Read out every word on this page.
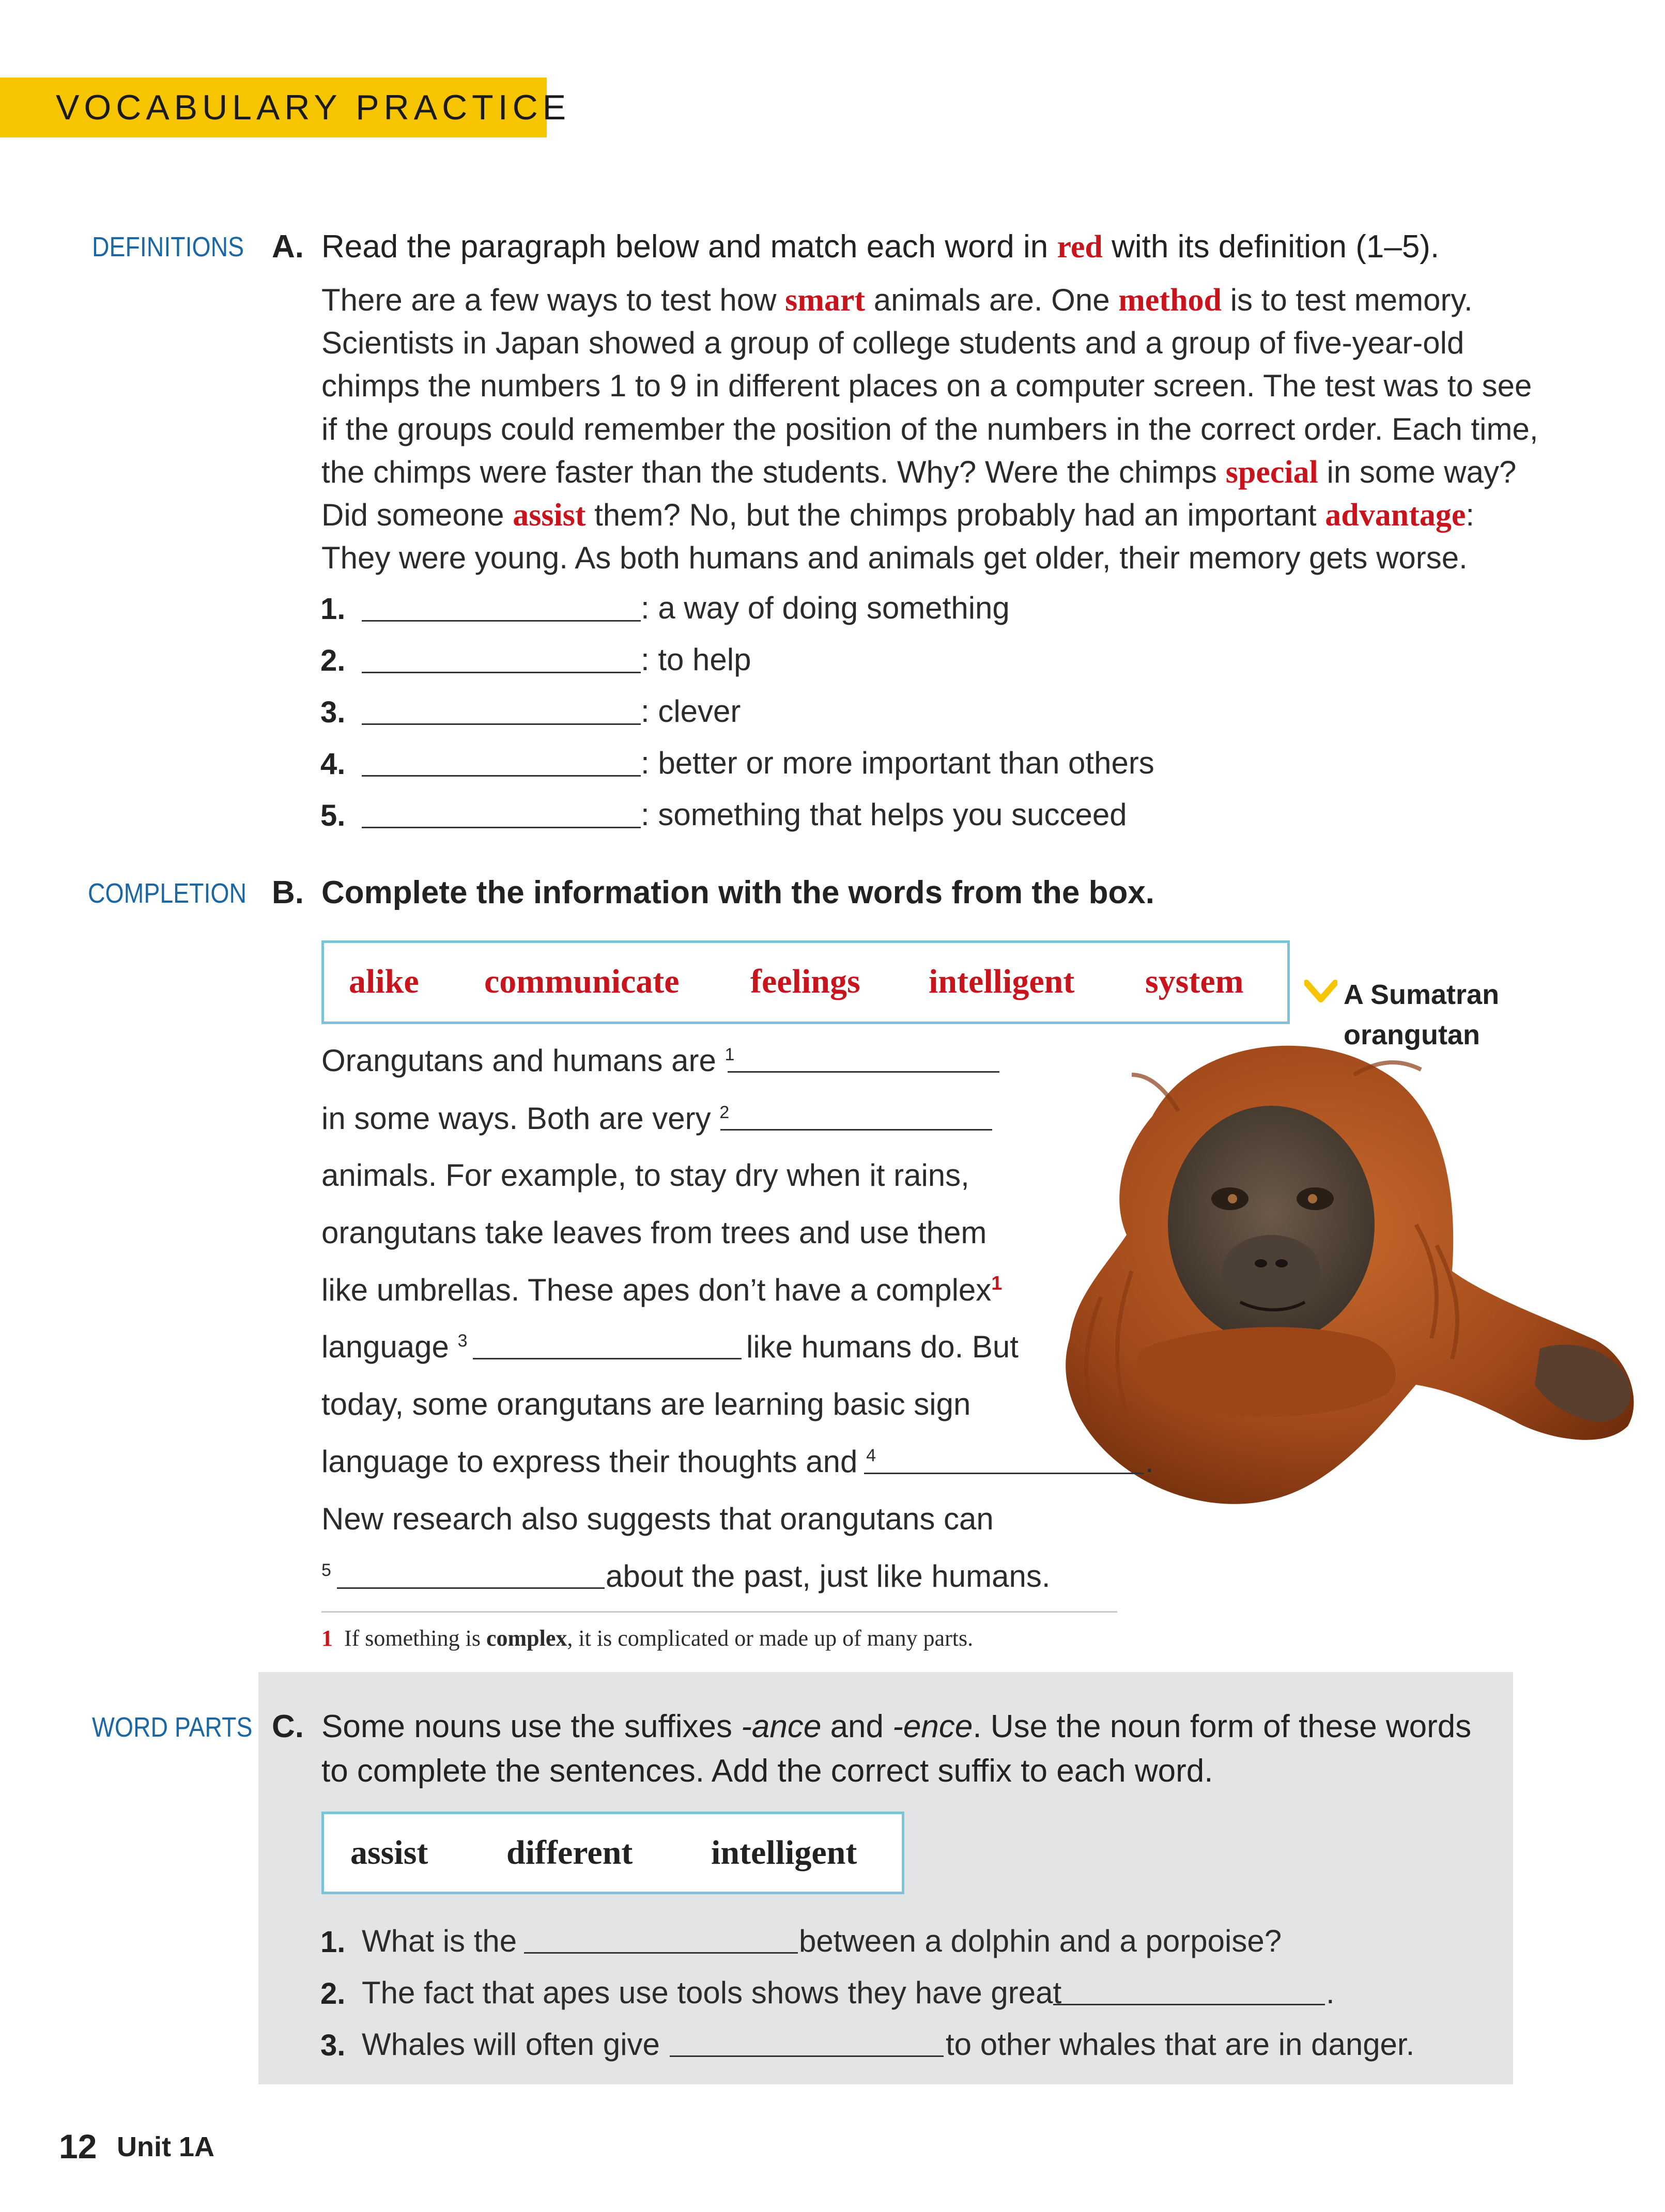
VOCABULARY PRACTICE
DEFINITIONS A. Read the paragraph below and match each word in red with its definition (1–5).
There are a few ways to test how smart animals are. One method is to test memory.
Scientists in Japan showed a group of college students and a group of five-year-old
chimps the numbers 1 to 9 in different places on a computer screen. The test was to see
if the groups could remember the position of the numbers in the correct order. Each time,
the chimps were faster than the students. Why? Were the chimps special in some way?
Did someone assist them? No, but the chimps probably had an important advantage:
They were young. As both humans and animals get older, their memory gets worse.
1.	: a way of doing something
2.	: to help
3.	: clever
4.	: better or more important than others
5.	: something that helps you succeed
COMPLETION B. Complete the information with the words from the box.
alike communicate feelings intelligent system	A Sumatran
orangutan
Orangutans and humans are $^1$
in some ways. Both are very $^2$
animals. For example, to stay dry when it rains,
orangutans take leaves from trees and use them
like umbrellas. These apes don’t have a complex$^1$
language $^3$	like humans do. But
today, some orangutans are learning basic sign
language to express their thoughts and $^4$	.
New research also suggests that orangutans can
$^5$	about the past, just like humans.
1 If something is complex, it is complicated or made up of many parts.
WORD PARTS C. Some nouns use the suffixes -ance and -ence. Use the noun form of these words
to complete the sentences. Add the correct suffix to each word.
assist different intelligent
1. What is the	between a dolphin and a porpoise?
2. The fact that apes use tools shows they have great	.
3. Whales will often give	to other whales that are in danger.
12 Unit 1A
